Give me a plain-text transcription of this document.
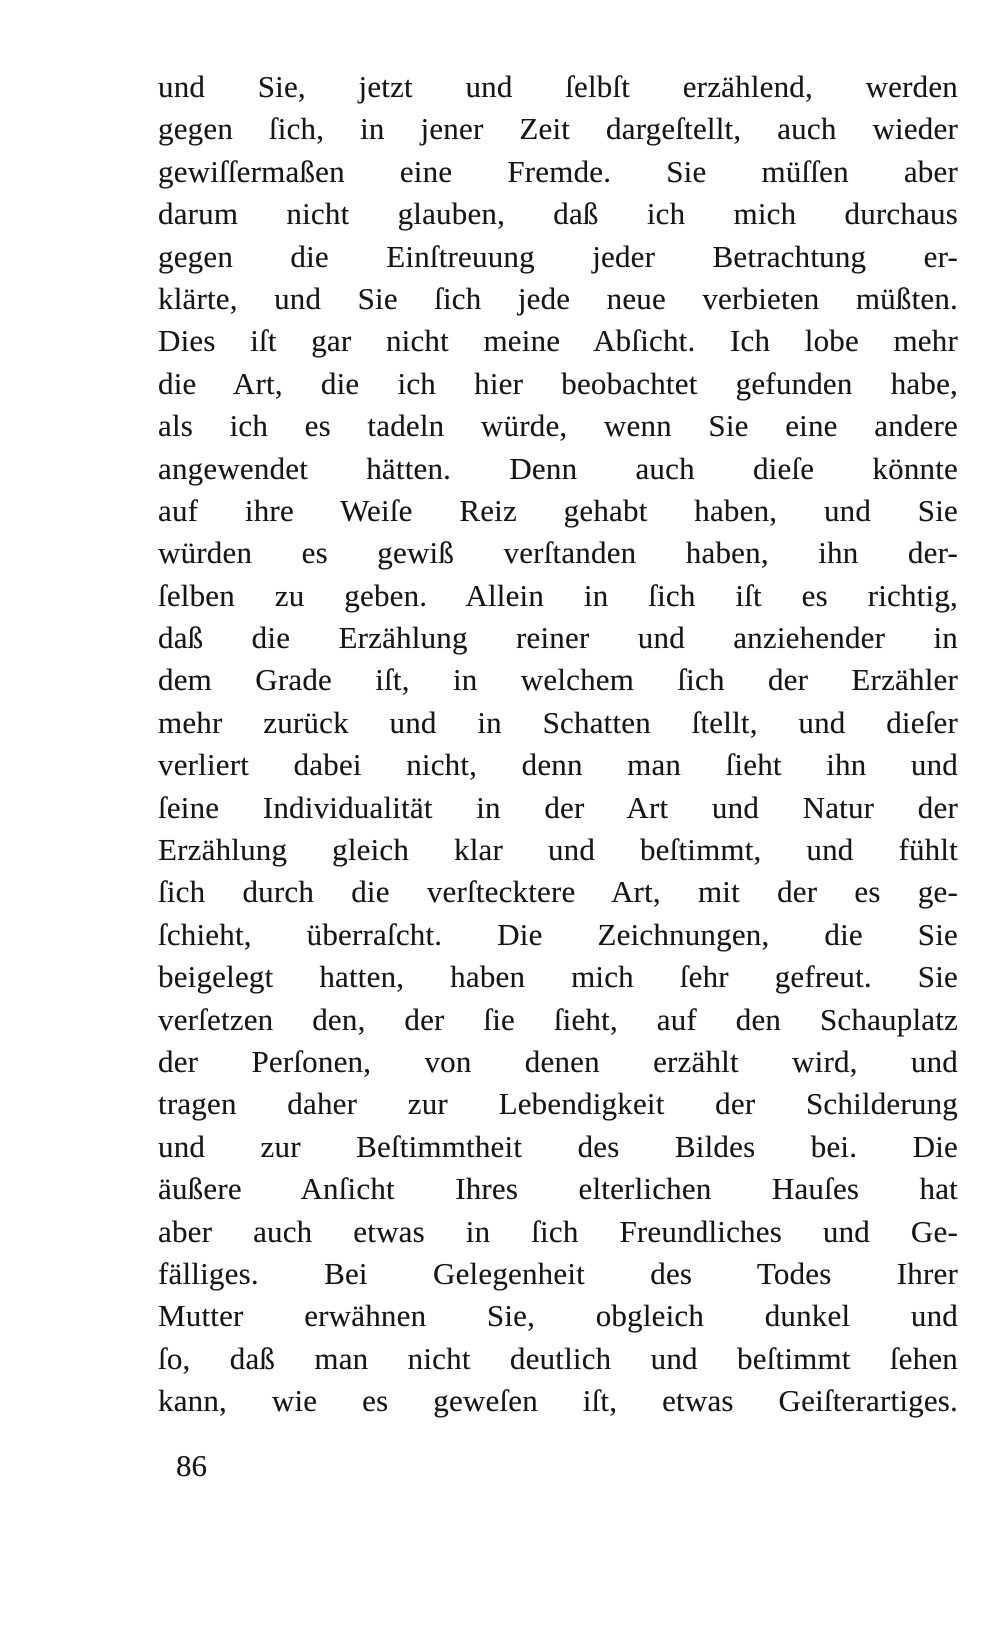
und Sie, jetzt und ſelbſt erzählend, werden
gegen ſich, in jener Zeit dargeſtellt, auch wieder
gewiſſermaßen eine Fremde. Sie müſſen aber
darum nicht glauben, daß ich mich durchaus
gegen die Einſtreuung jeder Betrachtung er-
klärte, und Sie ſich jede neue verbieten müßten.
Dies iſt gar nicht meine Abſicht. Ich lobe mehr
die Art, die ich hier beobachtet gefunden habe,
als ich es tadeln würde, wenn Sie eine andere
angewendet hätten. Denn auch dieſe könnte
auf ihre Weiſe Reiz gehabt haben, und Sie
würden es gewiß verſtanden haben, ihn der-
ſelben zu geben. Allein in ſich iſt es richtig,
daß die Erzählung reiner und anziehender in
dem Grade iſt, in welchem ſich der Erzähler
mehr zurück und in Schatten ſtellt, und dieſer
verliert dabei nicht, denn man ſieht ihn und
ſeine Individualität in der Art und Natur der
Erzählung gleich klar und beſtimmt, und fühlt
ſich durch die verſtecktere Art, mit der es ge-
ſchieht, überraſcht. Die Zeichnungen, die Sie
beigelegt hatten, haben mich ſehr gefreut. Sie
verſetzen den, der ſie ſieht, auf den Schauplatz
der Perſonen, von denen erzählt wird, und
tragen daher zur Lebendigkeit der Schilderung
und zur Beſtimmtheit des Bildes bei. Die
äußere Anſicht Ihres elterlichen Hauſes hat
aber auch etwas in ſich Freundliches und Ge-
fälliges. Bei Gelegenheit des Todes Ihrer
Mutter erwähnen Sie, obgleich dunkel und
ſo, daß man nicht deutlich und beſtimmt ſehen
kann, wie es geweſen iſt, etwas Geiſterartiges.
86
